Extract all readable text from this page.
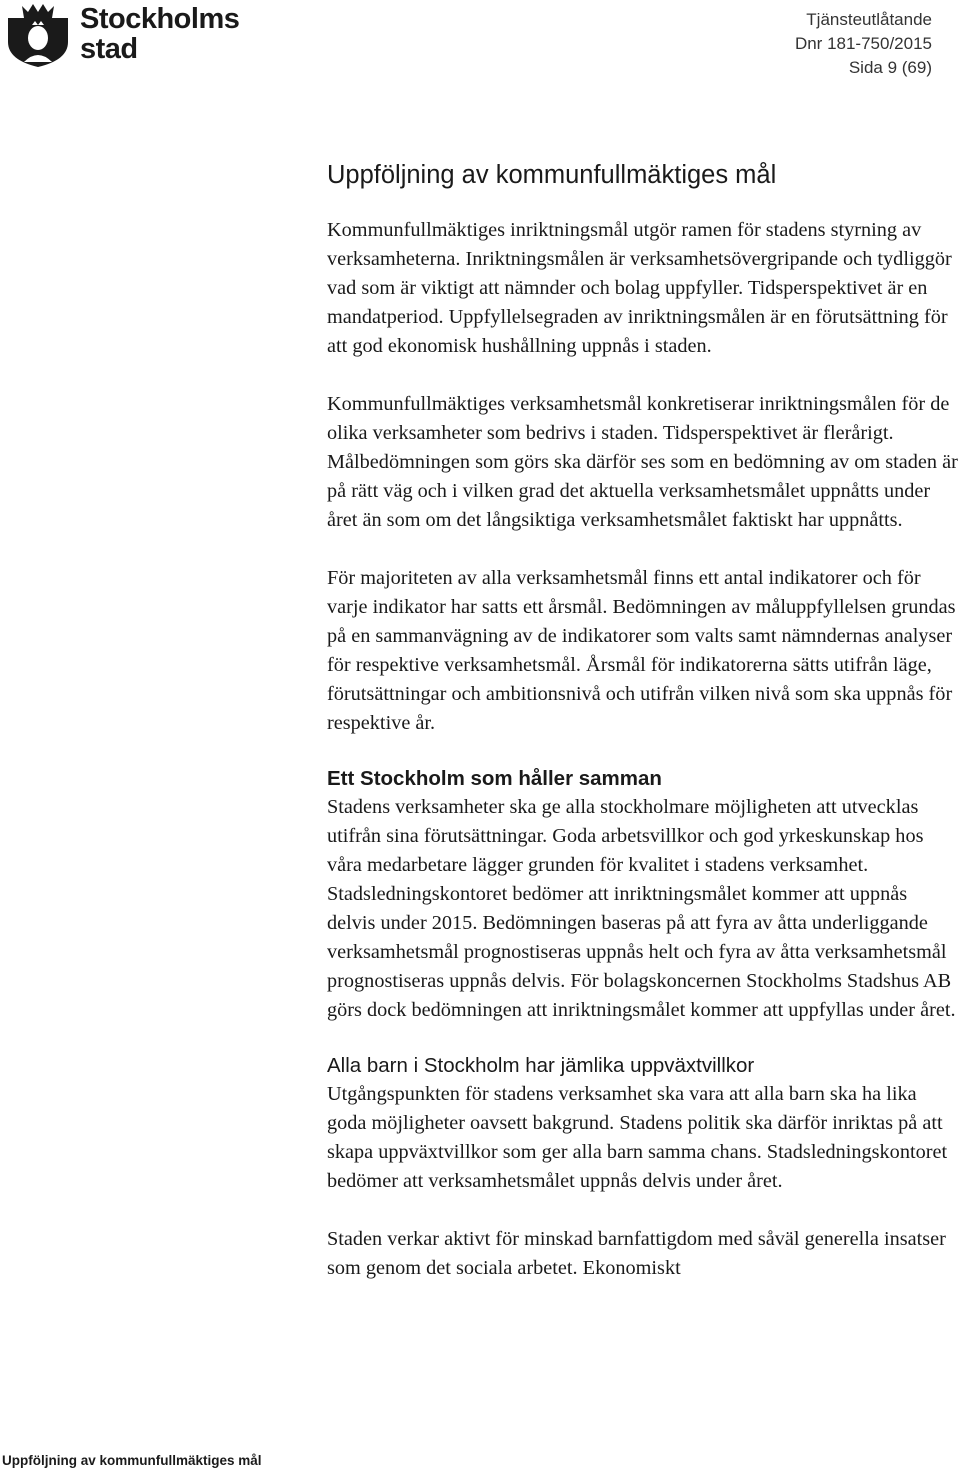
Stockholms
stad
Tjänsteutlåtande
Dnr 181-750/2015
Sida 9 (69)
Uppföljning av kommunfullmäktiges mål

Kommunfullmäktiges inriktningsmål utgör ramen för stadens styrning av verksamheterna. Inriktningsmålen är verksamhetsövergripande och tydliggör vad som är viktigt att nämnder och bolag uppfyller. Tidsperspektivet är en mandatperiod. Uppfyllelsegraden av inriktningsmålen är en förutsättning för att god ekonomisk hushållning uppnås i staden.

Kommunfullmäktiges verksamhetsmål konkretiserar inriktningsmålen för de olika verksamheter som bedrivs i staden. Tidsperspektivet är flerårigt. Målbedömningen som görs ska därför ses som en bedömning av om staden är på rätt väg och i vilken grad det aktuella verksamhetsmålet uppnåtts under året än som om det långsiktiga verksamhetsmålet faktiskt har uppnåtts.

För majoriteten av alla verksamhetsmål finns ett antal indikatorer och för varje indikator har satts ett årsmål. Bedömningen av måluppfyllelsen grundas på en sammanvägning av de indikatorer som valts samt nämndernas analyser för respektive verksamhetsmål. Årsmål för indikatorerna sätts utifrån läge, förutsättningar och ambitionsnivå och utifrån vilken nivå som ska uppnås för respektive år.

Ett Stockholm som håller samman

Stadens verksamheter ska ge alla stockholmare möjligheten att utvecklas utifrån sina förutsättningar. Goda arbetsvillkor och god yrkeskunskap hos våra medarbetare lägger grunden för kvalitet i stadens verksamhet. Stadsledningskontoret bedömer att inriktningsmålet kommer att uppnås delvis under 2015. Bedömningen baseras på att fyra av åtta underliggande verksamhetsmål prognostiseras uppnås helt och fyra av åtta verksamhetsmål prognostiseras uppnås delvis. För bolagskoncernen Stockholms Stadshus AB görs dock bedömningen att inriktningsmålet kommer att uppfyllas under året.

Alla barn i Stockholm har jämlika uppväxtvillkor

Utgångspunkten för stadens verksamhet ska vara att alla barn ska ha lika goda möjligheter oavsett bakgrund. Stadens politik ska därför inriktas på att skapa uppväxtvillkor som ger alla barn samma chans. Stadsledningskontoret bedömer att verksamhetsmålet uppnås delvis under året.

Staden verkar aktivt för minskad barnfattigdom med såväl generella insatser som genom det sociala arbetet. Ekonomiskt

Uppföljning av kommunfullmäktiges mål
